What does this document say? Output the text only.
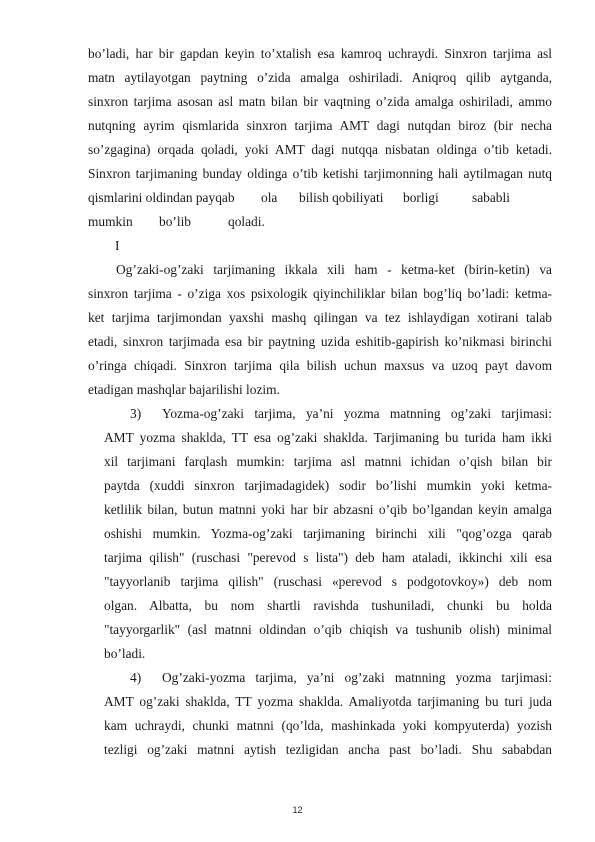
bo’ladi, har bir gapdan keyin to’xtalish esa kamroq uchraydi. Sinxron tarjima asl
matn aytilayotgan paytning o’zida amalga oshiriladi. Aniqroq qilib aytganda,
sinxron tarjima asosan asl matn bilan bir vaqtning o’zida amalga oshiriladi, ammo
nutqning ayrim qismlarida sinxron tarjima AMT dagi nutqdan biroz (bir necha
so’zgagina) orqada qoladi, yoki AMT dagi nutqqa nisbatan oldinga o’tib ketadi.
Sinxron tarjimaning bunday oldinga o’tib ketishi tarjimonning hali aytilmagan nutq
qismlarini oldindan payqab ola bilish qobiliyati borligi sababli
mumkin bo’lib	qoladi.
I
Og’zaki-og’zaki tarjimaning ikkala xili ham - ketma-ket (birin-ketin) va
sinxron tarjima - o’ziga xos psixologik qiyinchiliklar bilan bog’liq bo’ladi: ketma-
ket tarjima tarjimondan yaxshi mashq qilingan va tez ishlaydigan xotirani talab
etadi, sinxron tarjimada esa bir paytning uzida eshitib-gapirish ko’nikmasi birinchi
o’ringa chiqadi. Sinxron tarjima qila bilish uchun maxsus va uzoq payt davom
etadigan mashqlar bajarilishi lozim.
3) Yozma-og’zaki tarjima, ya’ni yozma matnning og’zaki tarjimasi:
AMT yozma shaklda, TT esa og’zaki shaklda. Tarjimaning bu turida ham ikki
xil tarjimani farqlash mumkin: tarjima asl matnni ichidan o’qish bilan bir
paytda (xuddi sinxron tarjimadagidek) sodir bo’lishi mumkin yoki ketma-
ketlilik bilan, butun matnni yoki har bir abzasni o’qib bo’lgandan keyin amalga
oshishi mumkin. Yozma-og’zaki tarjimaning birinchi xili "qog’ozga qarab
tarjima qilish" (ruschasi "perevod s lista") deb ham ataladi, ikkinchi xili esa
"tayyorlanib tarjima qilish" (ruschasi «perevod s podgotovkoy») deb nom
olgan. Albatta, bu nom shartli ravishda tushuniladi, chunki bu holda
"tayyorgarlik" (asl matnni oldindan o’qib chiqish va tushunib olish) minimal
bo’ladi.
4) Og’zaki-yozma tarjima, ya’ni og’zaki matnning yozma tarjimasi:
AMT og’zaki shaklda, TT yozma shaklda. Amaliyotda tarjimaning bu turi juda
kam uchraydi, chunki matnni (qo’lda, mashinkada yoki kompyuterda) yozish
tezligi og’zaki matnni aytish tezligidan ancha past bo’ladi. Shu sababdan
12
